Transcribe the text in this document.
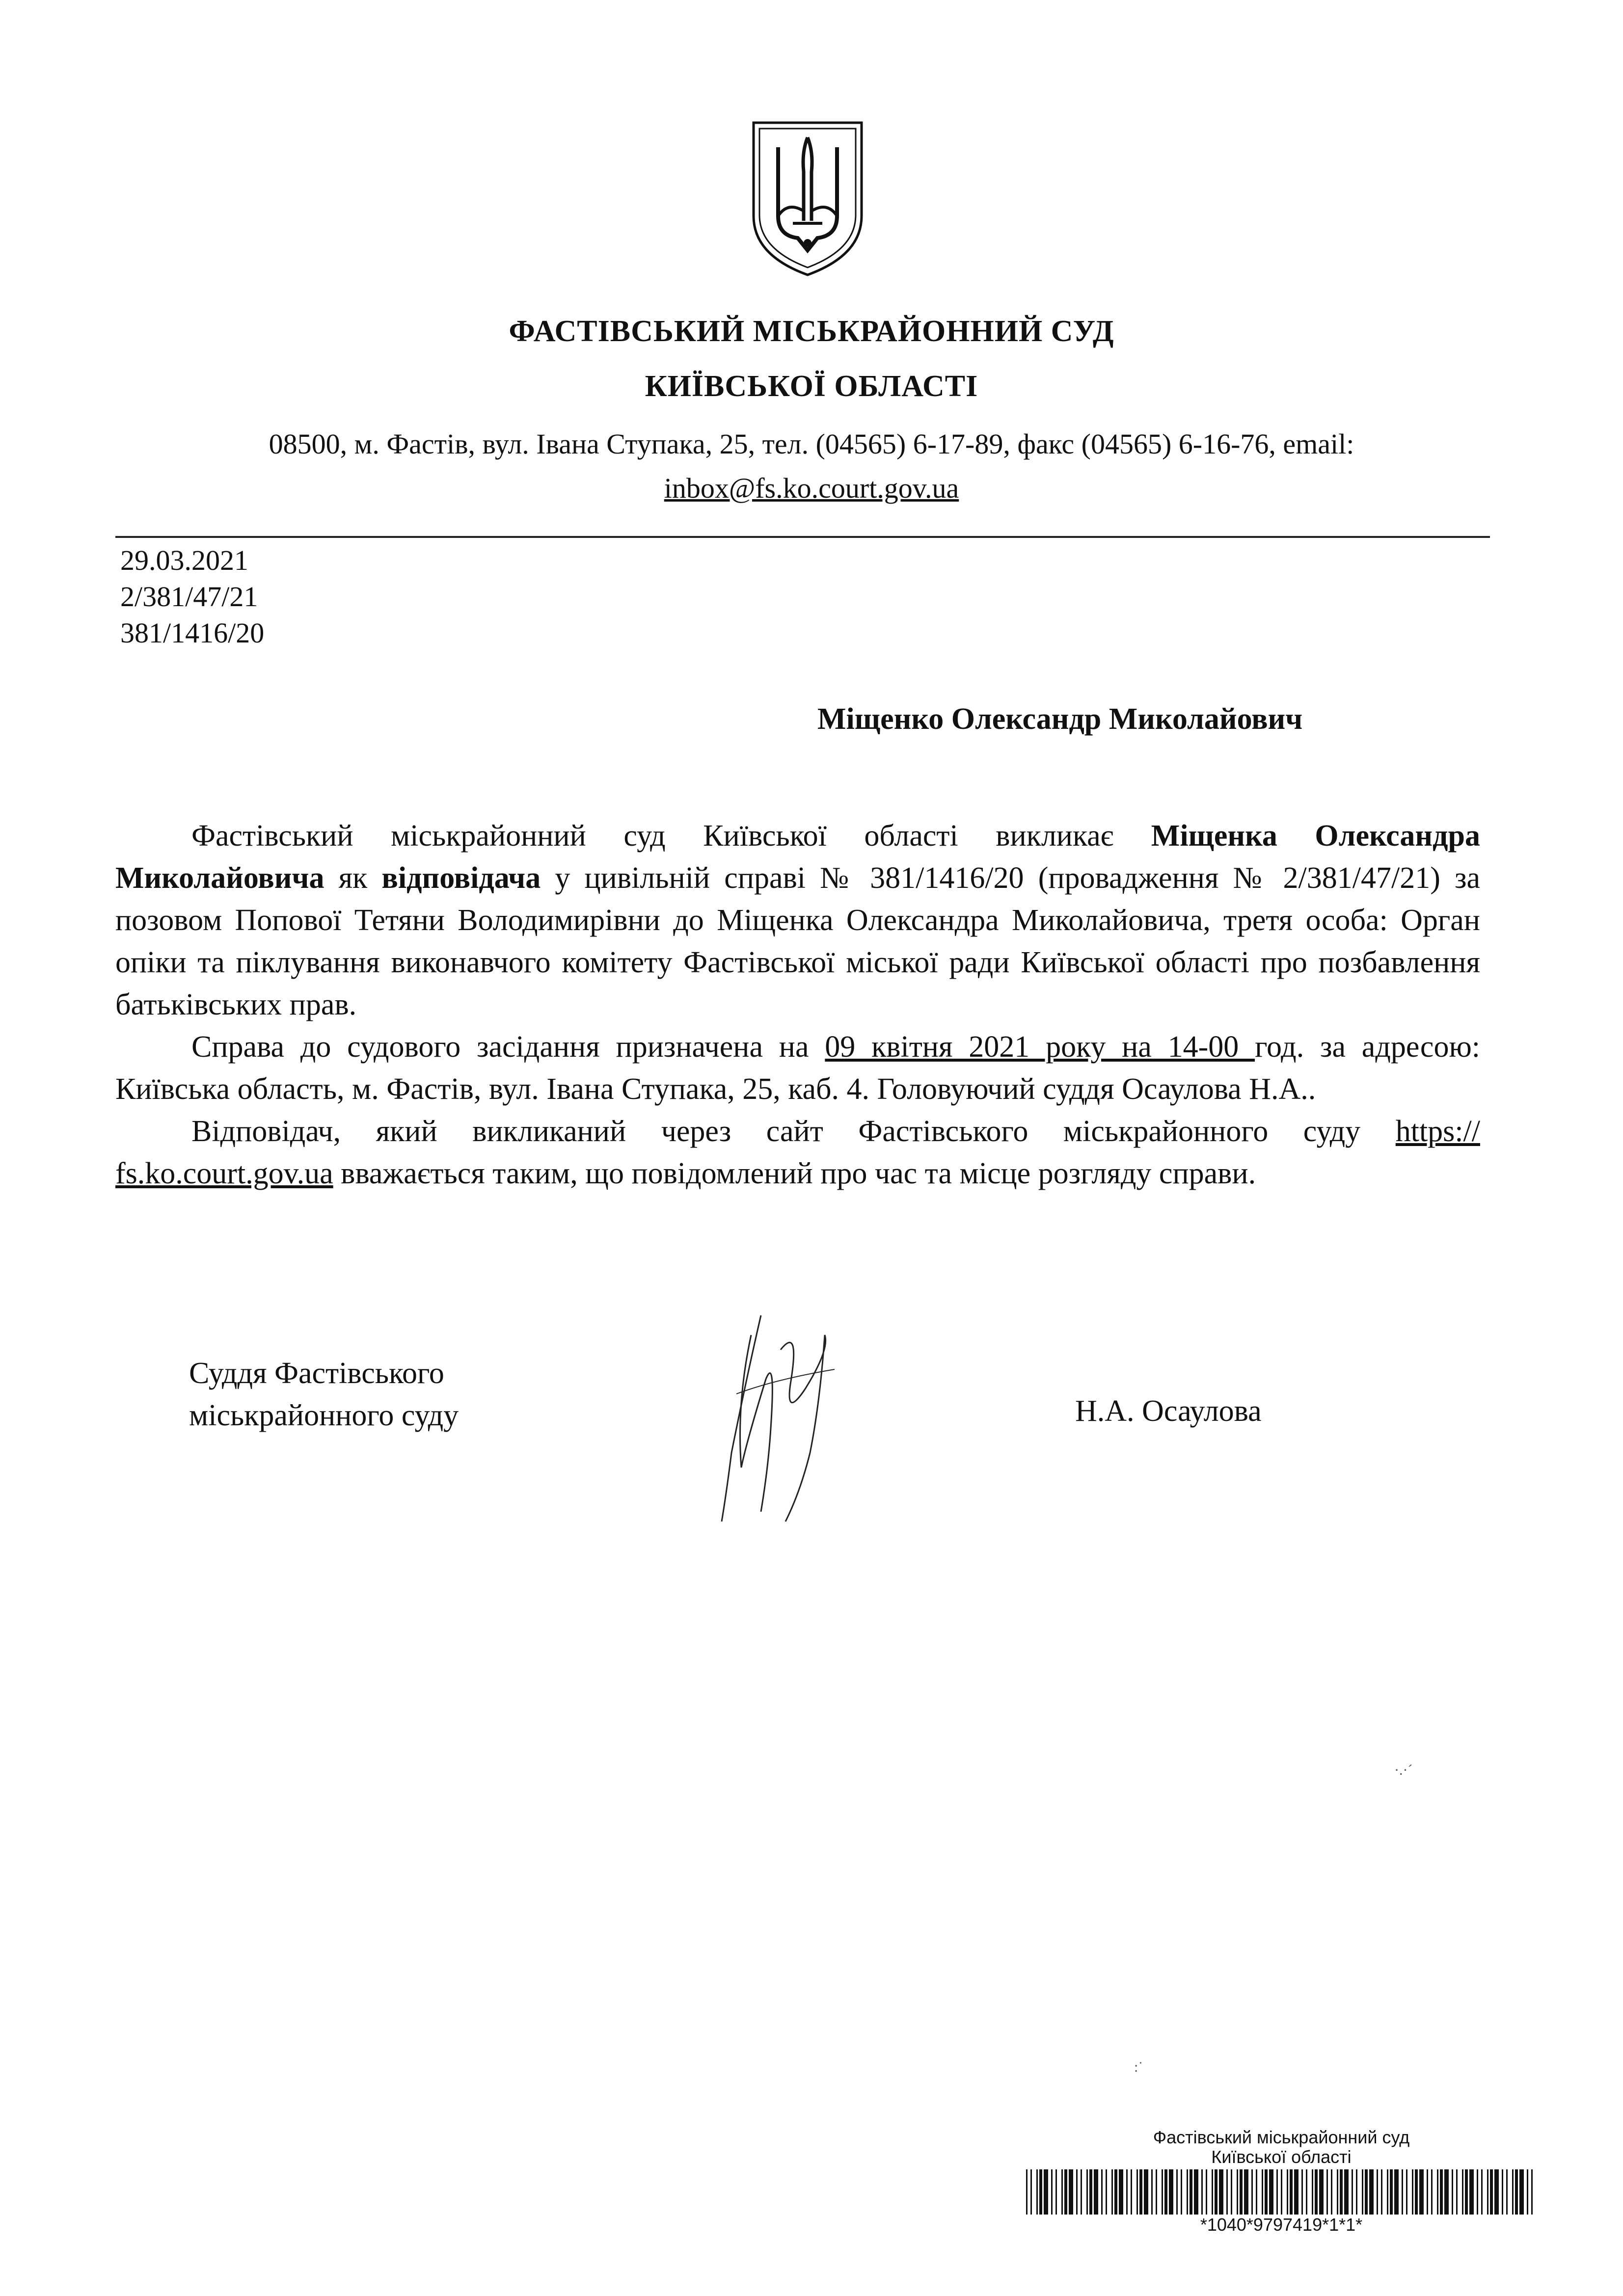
ФАСТІВСЬКИЙ МІСЬКРАЙОННИЙ СУД
КИЇВСЬКОЇ ОБЛАСТІ
08500, м. Фастів, вул. Івана Ступака, 25, тел. (04565) 6-17-89, факс (04565) 6-16-76, email:
inbox@fs.ko.court.gov.ua
29.03.2021
2/381/47/21
381/1416/20
Міщенко Олександр Миколайович

Фастівський міськрайонний суд Київської області викликає Міщенка Олександра Миколайовича як відповідача у цивільній справі № 381/1416/20 (провадження № 2/381/47/21) за позовом Попової Тетяни Володимирівни до Міщенка Олександра Миколайовича, третя особа: Орган опіки та піклування виконавчого комітету Фастівської міської ради Київської області про позбавлення батьківських прав.

Справа до судового засідання призначена на 09 квітня 2021 року на 14-00 год. за адресою: Київська область, м. Фастів, вул. Івана Ступака, 25, каб. 4. Головуючий суддя Осаулова Н.А..

Відповідач, який викликаний через сайт Фастівського міськрайонного суду https:// fs.ko.court.gov.ua вважається таким, що повідомлений про час та місце розгляду справи.

Суддя Фастівського
міськрайонного суду	Н.А. Осаулова
·.·´
:˙
Фастівський міськрайонний суд
Київської області
*1040*9797419*1*1*
